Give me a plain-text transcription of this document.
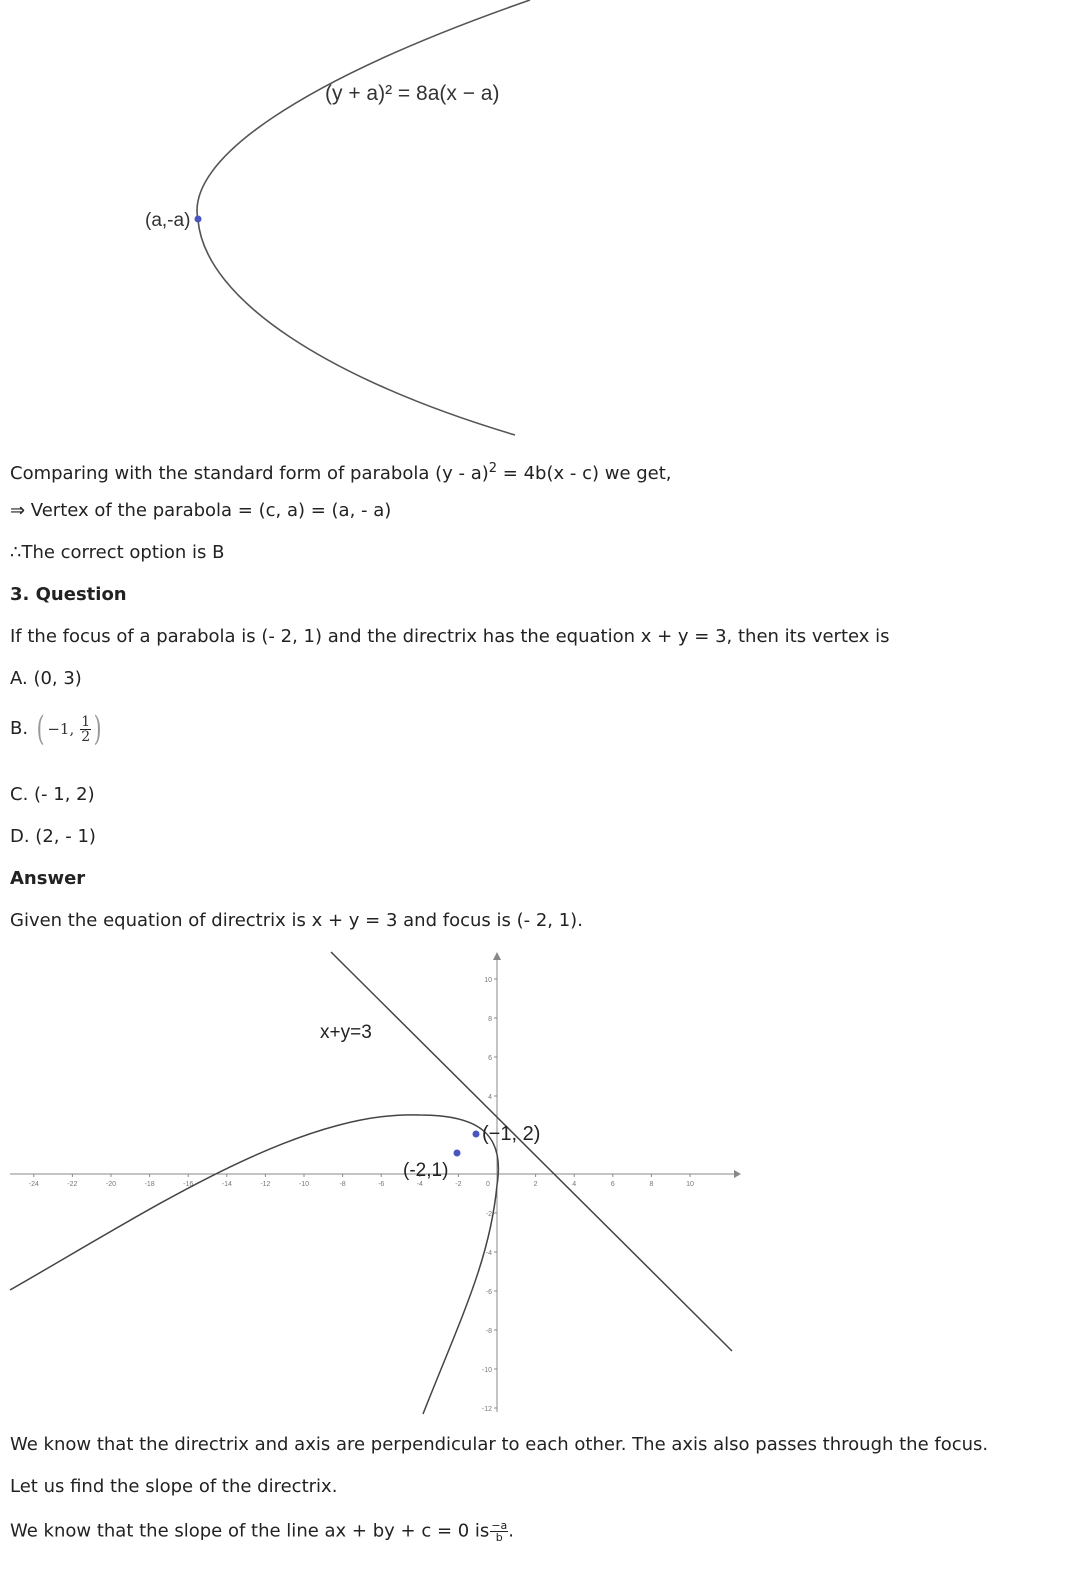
(y + a)² = 8a(x − a)
(a,-a)
Comparing with the standard form of parabola (y - a)$^2$ = 4b(x - c) we get,
⇒ Vertex of the parabola = (c, a) = (a, - a)
∴The correct option is B
3. Question
If the focus of a parabola is (- 2, 1) and the directrix has the equation x + y = 3, then its vertex is
A. (0, 3)
B. ( −1, $\frac{1}{2}$ )
C. (- 1, 2)
D. (2, - 1)
Answer
Given the equation of directrix is x + y = 3 and focus is (- 2, 1).
-24	-22	-20	-18	-16	-14	-12	-10	-8	-6	-4	-2	0	2	4	6	8	10
10
8
6
4
-2
-4
-6
-8
-10
-12
x+y=3
(-2,1)
(−1, 2)
We know that the directrix and axis are perpendicular to each other. The axis also passes through the focus.
Let us find the slope of the directrix.
We know that the slope of the line ax + by + c = 0 is $\frac{-a}{b}$ .
